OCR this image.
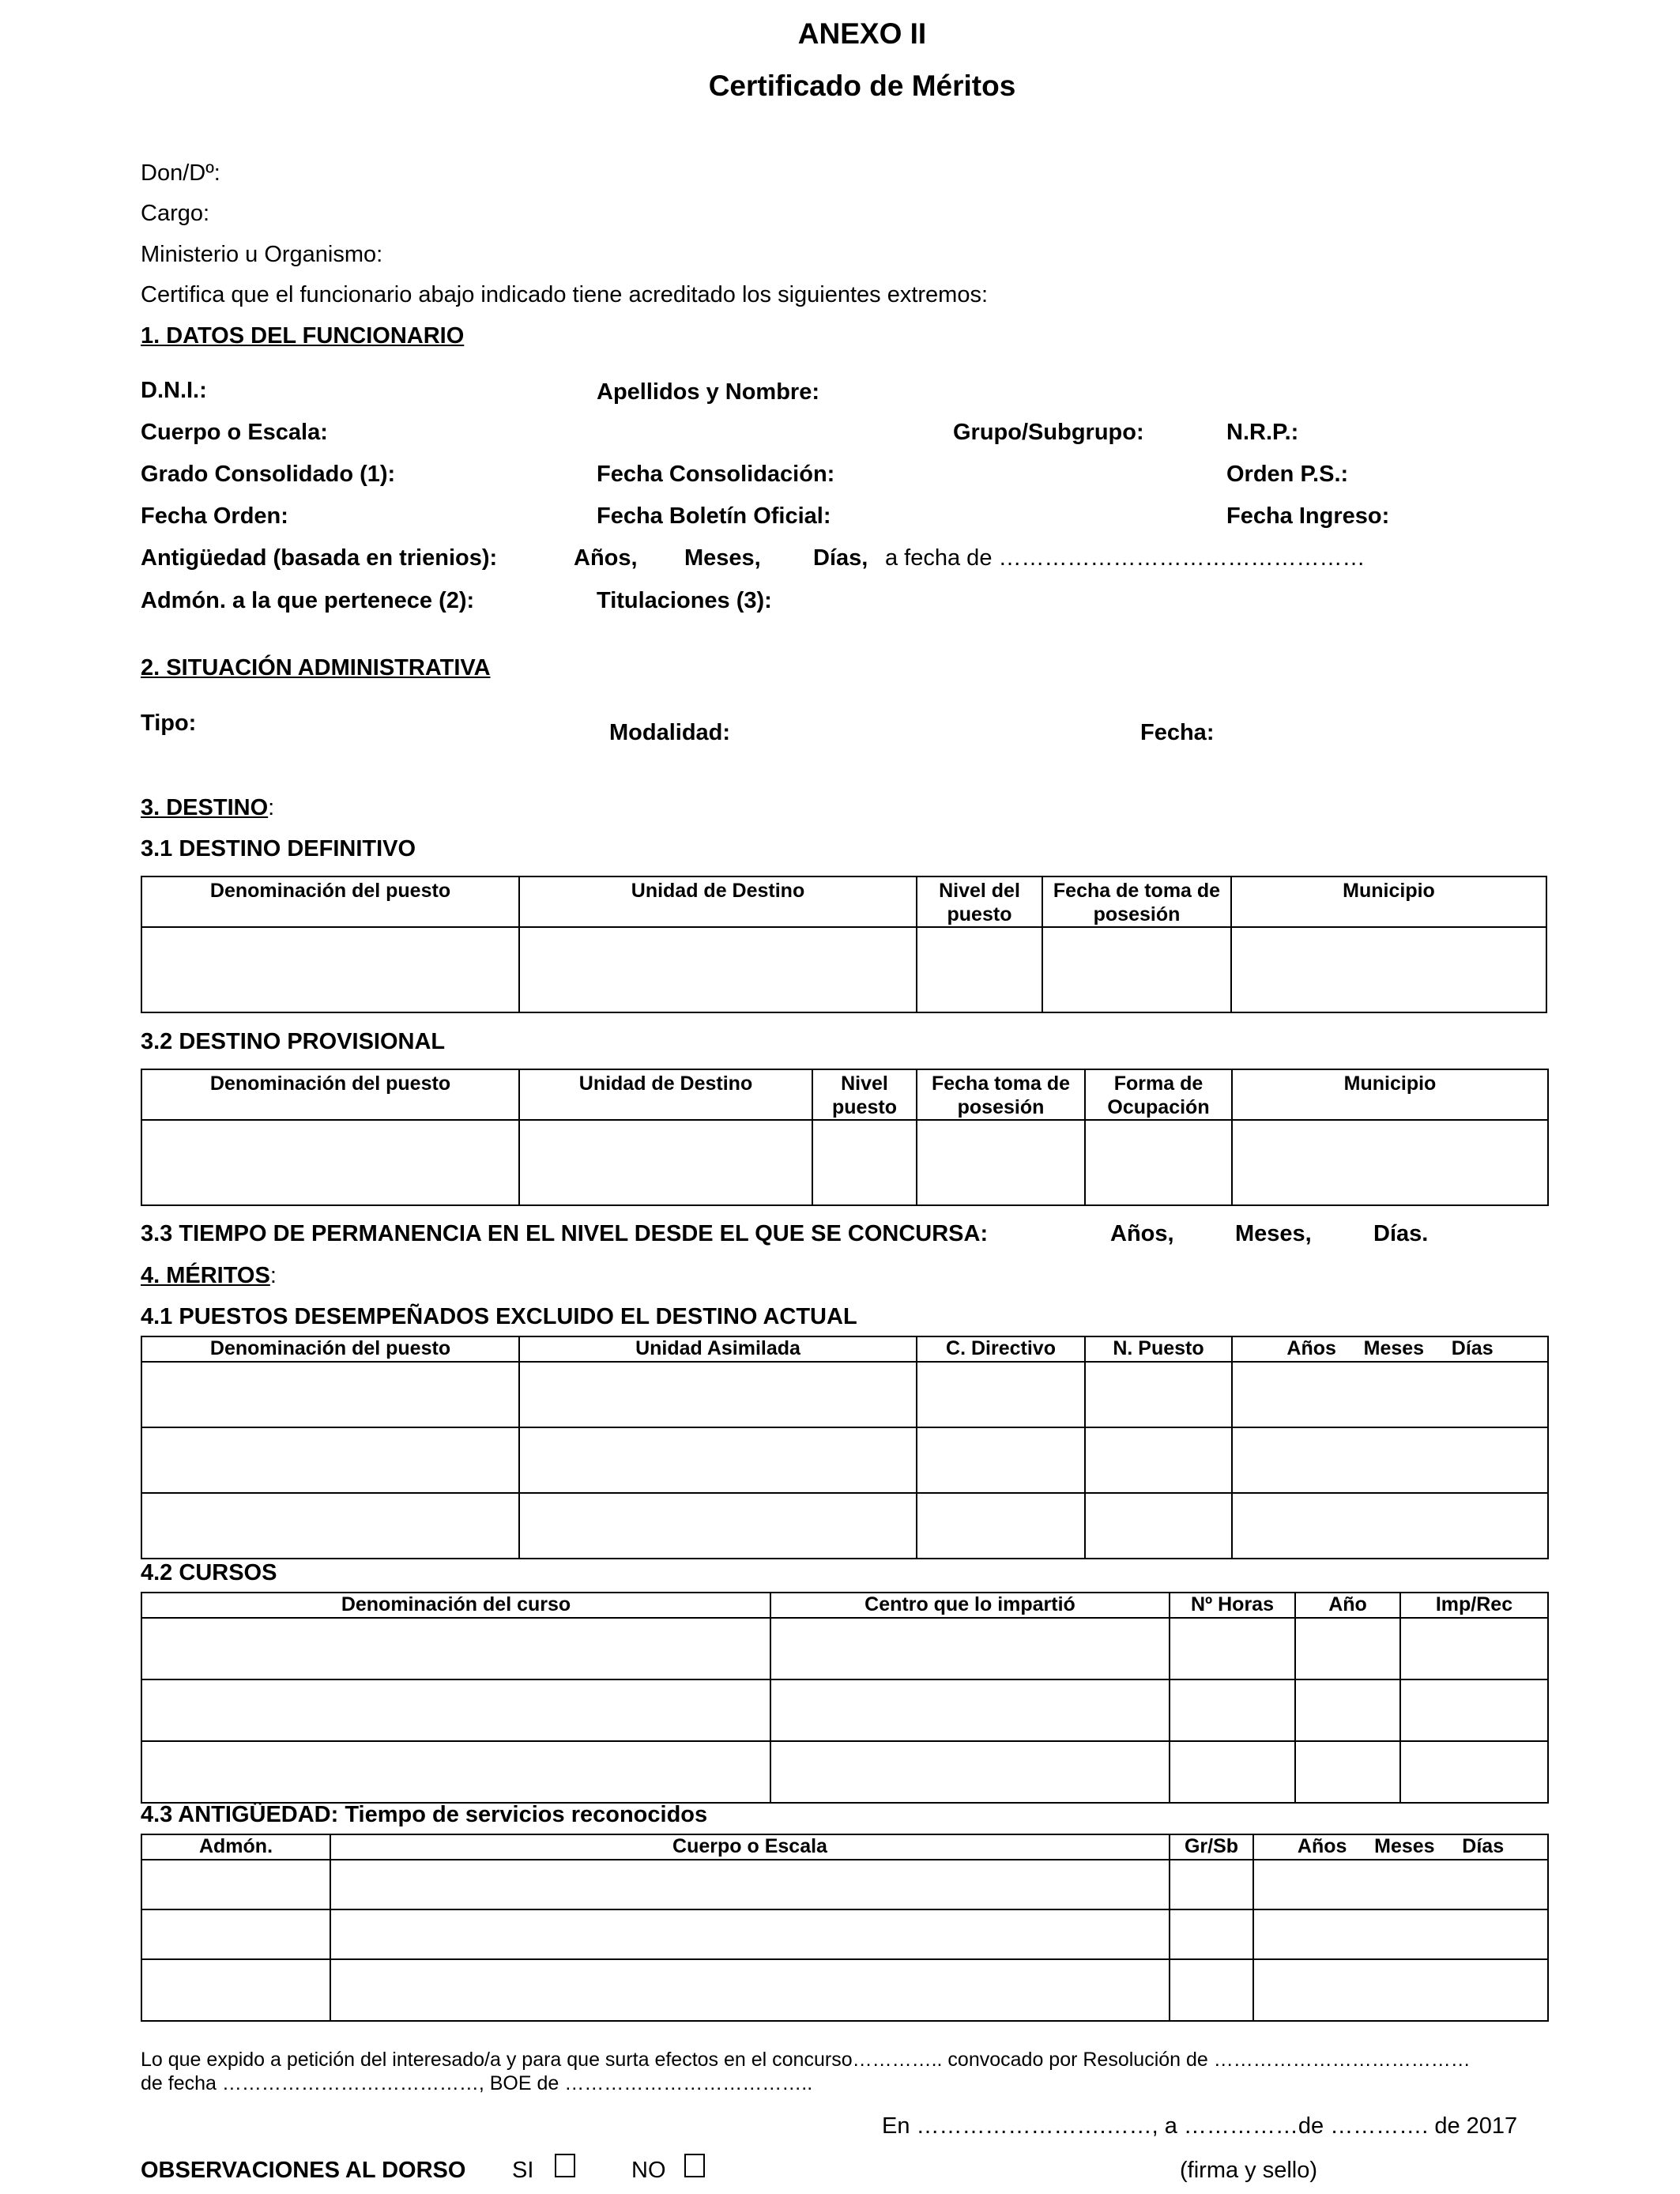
ANEXO II
Certificado de Méritos
Don/Dº:
Cargo:
Ministerio u Organismo:
Certifica que el funcionario abajo indicado tiene acreditado los siguientes extremos:
1. DATOS DEL FUNCIONARIO
D.N.I.:	Apellidos y Nombre:
Cuerpo o Escala:	Grupo/Subgrupo:	N.R.P.:
Grado Consolidado (1):	Fecha Consolidación:	Orden P.S.:
Fecha Orden:	Fecha Boletín Oficial:	Fecha Ingreso:
Antigüedad (basada en trienios):	Años, Meses, Días, a fecha de …………………………………………
Admón. a la que pertenece (2):	Titulaciones (3):
2. SITUACIÓN ADMINISTRATIVA
Tipo:	Modalidad:	Fecha:
3. DESTINO:
3.1 DESTINO DEFINITIVO
Denominación del puesto	Unidad de Destino	Nivel del puesto	Fecha de toma de posesión	Municipio

3.2 DESTINO PROVISIONAL
Denominación del puesto	Unidad de Destino	Nivel puesto	Fecha toma de posesión	Forma de Ocupación	Municipio

3.3 TIEMPO DE PERMANENCIA EN EL NIVEL DESDE EL QUE SE CONCURSA:	Años,	Meses,	Días.
4. MÉRITOS:
4.1 PUESTOS DESEMPEÑADOS EXCLUIDO EL DESTINO ACTUAL
Denominación del puesto	Unidad Asimilada	C. Directivo	N. Puesto	Años     Meses     Días

4.2 CURSOS
Denominación del curso	Centro que lo impartió	Nº Horas	Año	Imp/Rec

4.3 ANTIGÜEDAD: Tiempo de servicios reconocidos
Admón.	Cuerpo o Escala	Gr/Sb	Años     Meses     Días

Lo que expido a petición del interesado/a y para que surta efectos en el concurso………….. convocado por Resolución de …………………………………
de fecha …………………………………, BOE de ………………………………..
En …………………….……, a ……………de …………. de 2017
OBSERVACIONES AL DORSO SI	NO	(firma y sello)
